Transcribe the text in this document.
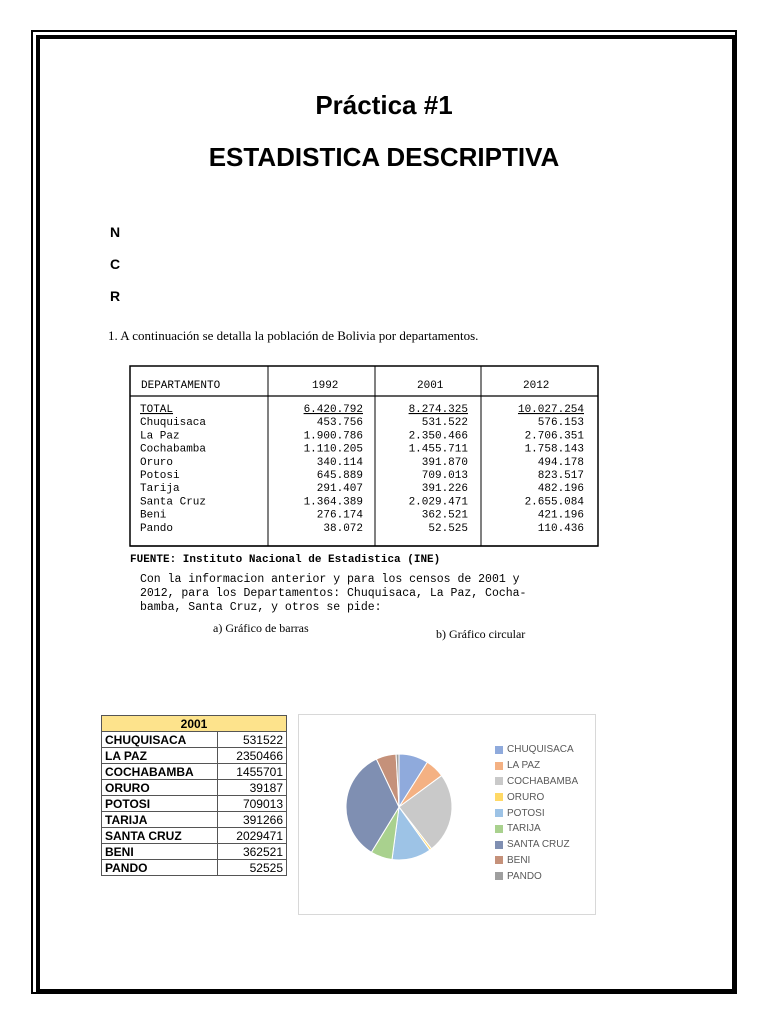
Práctica #1
ESTADISTICA DESCRIPTIVA
N
C
R
1. A continuación se detalla la población de Bolivia por departamentos.
DEPARTAMENTO	1992	2001	2012
TOTAL	6.420.792	8.274.325	10.027.254
Chuquisaca	453.756	531.522	576.153
La Paz	1.900.786	2.350.466	2.706.351
Cochabamba	1.110.205	1.455.711	1.758.143
Oruro	340.114	391.870	494.178
Potosi	645.889	709.013	823.517
Tarija	291.407	391.226	482.196
Santa Cruz	1.364.389	2.029.471	2.655.084
Beni	276.174	362.521	421.196
Pando	38.072	52.525	110.436
FUENTE: Instituto Nacional de Estadistica (INE)
Con la informacion anterior y para los censos de 2001 y
2012, para los Departamentos: Chuquisaca, La Paz, Cocha-
bamba, Santa Cruz, y otros se pide:
a) Gráfico de barras	b) Gráfico circular
2001	
CHUQUISACA	531522
LA PAZ	2350466
COCHABAMBA	1455701
ORURO	39187
POTOSI	709013
TARIJA	391266
SANTA CRUZ	2029471
BENI	362521
PANDO	52525
CHUQUISACA
LA PAZ
COCHABAMBA
ORURO
POTOSI
TARIJA
SANTA CRUZ
BENI
PANDO
